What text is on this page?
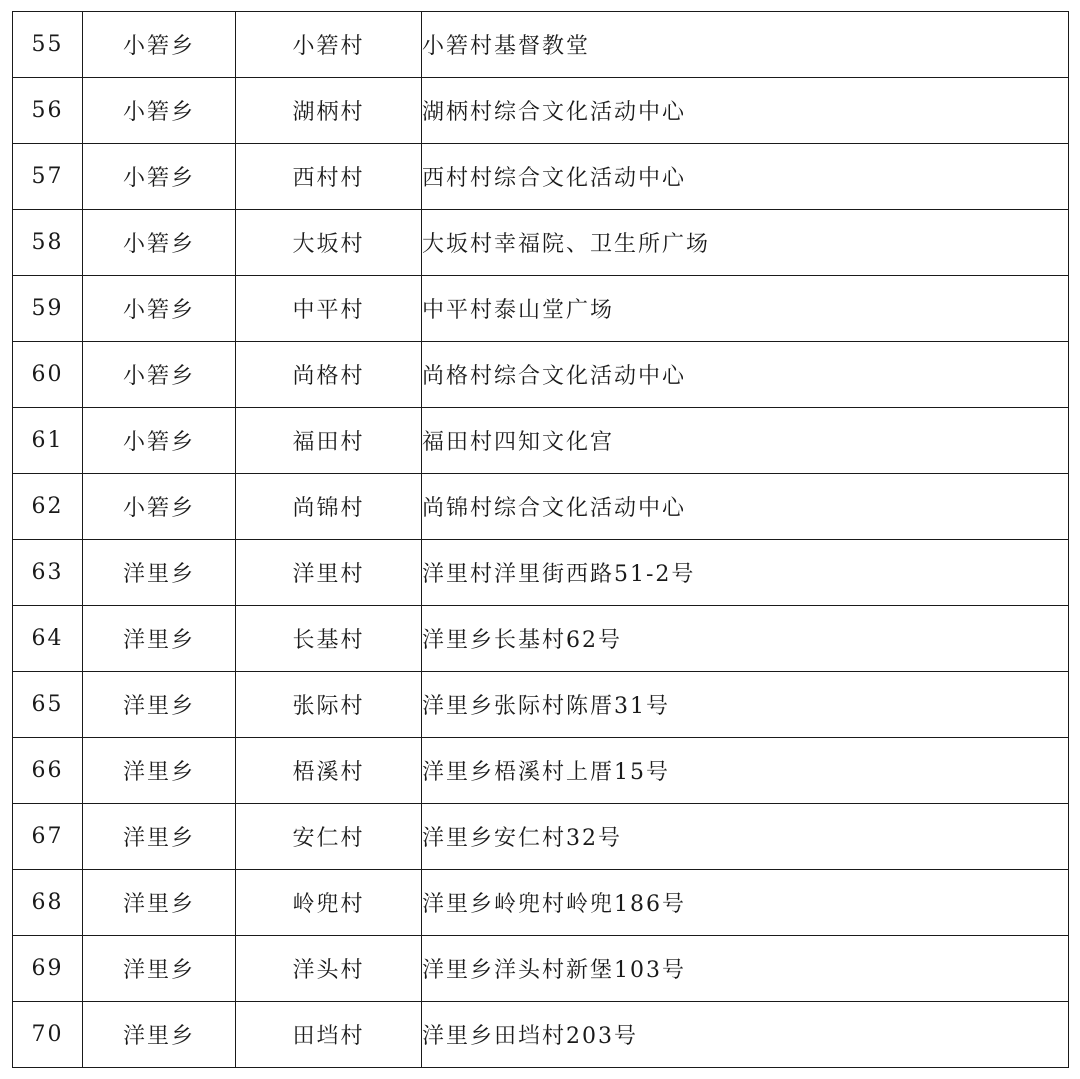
55	小箬乡	小箬村	小箬村基督教堂
56	小箬乡	湖柄村	湖柄村综合文化活动中心
57	小箬乡	西村村	西村村综合文化活动中心
58	小箬乡	大坂村	大坂村幸福院、卫生所广场
59	小箬乡	中平村	中平村泰山堂广场
60	小箬乡	尚格村	尚格村综合文化活动中心
61	小箬乡	福田村	福田村四知文化宫
62	小箬乡	尚锦村	尚锦村综合文化活动中心
63	洋里乡	洋里村	洋里村洋里街西路51-2号
64	洋里乡	长基村	洋里乡长基村62号
65	洋里乡	张际村	洋里乡张际村陈厝31号
66	洋里乡	梧溪村	洋里乡梧溪村上厝15号
67	洋里乡	安仁村	洋里乡安仁村32号
68	洋里乡	岭兜村	洋里乡岭兜村岭兜186号
69	洋里乡	洋头村	洋里乡洋头村新堡103号
70	洋里乡	田垱村	洋里乡田垱村203号
